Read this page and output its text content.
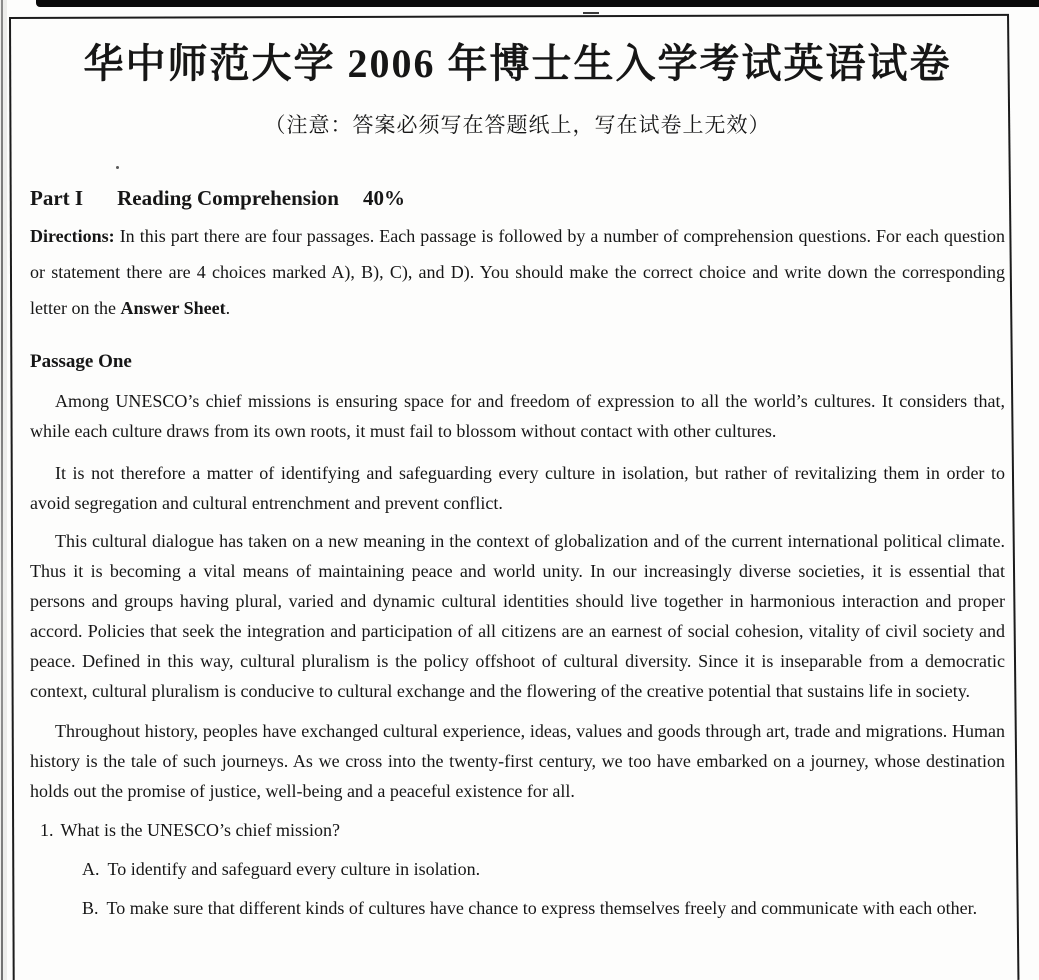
华中师范大学 2006 年博士生入学考试英语试卷
（注意：答案必须写在答题纸上，写在试卷上无效）
Part I Reading Comprehension 40%

Directions: In this part there are four passages. Each passage is followed by a number of comprehension questions. For each question or statement there are 4 choices marked A), B), C), and D). You should make the correct choice and write down the corresponding letter on the Answer Sheet.

Passage One

Among UNESCO’s chief missions is ensuring space for and freedom of expression to all the world’s cultures. It considers that, while each culture draws from its own roots, it must fail to blossom without contact with other cultures.

It is not therefore a matter of identifying and safeguarding every culture in isolation, but rather of revitalizing them in order to avoid segregation and cultural entrenchment and prevent conflict.

This cultural dialogue has taken on a new meaning in the context of globalization and of the current international political climate. Thus it is becoming a vital means of maintaining peace and world unity. In our increasingly diverse societies, it is essential that persons and groups having plural, varied and dynamic cultural identities should live together in harmonious interaction and proper accord. Policies that seek the integration and participation of all citizens are an earnest of social cohesion, vitality of civil society and peace. Defined in this way, cultural pluralism is the policy offshoot of cultural diversity. Since it is inseparable from a democratic context, cultural pluralism is conducive to cultural exchange and the flowering of the creative potential that sustains life in society.

Throughout history, peoples have exchanged cultural experience, ideas, values and goods through art, trade and migrations. Human history is the tale of such journeys. As we cross into the twenty-first century, we too have embarked on a journey, whose destination holds out the promise of justice, well-being and a peaceful existence for all.

1. What is the UNESCO’s chief mission?
A. To identify and safeguard every culture in isolation.
B. To make sure that different kinds of cultures have chance to express themselves freely and communicate with each other.
